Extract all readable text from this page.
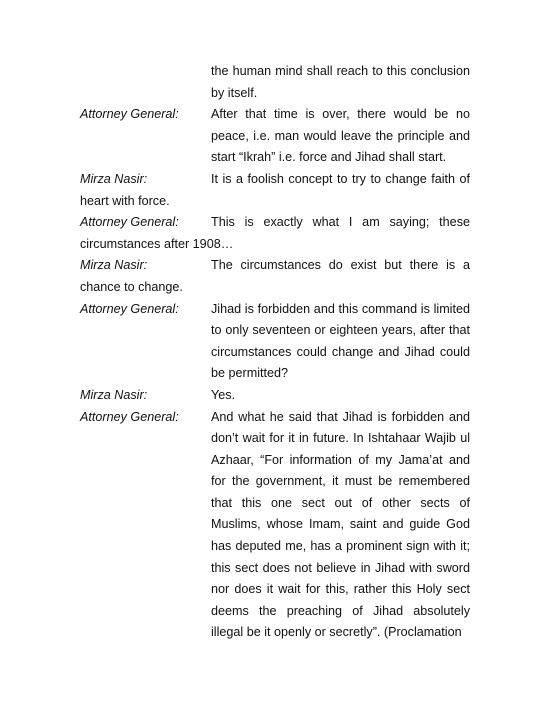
the human mind shall reach to this conclusion by itself.

Attorney General:	After that time is over, there would be no peace, i.e. man would leave the principle and start “Ikrah” i.e. force and Jihad shall start.

Mirza Nasir:	It is a foolish concept to try to change faith of heart with force.

Attorney General:	This is exactly what I am saying; these circumstances after 1908…

Mirza Nasir:	The circumstances do exist but there is a chance to change.

Attorney General:	Jihad is forbidden and this command is limited to only seventeen or eighteen years, after that circumstances could change and Jihad could be permitted?

Mirza Nasir:	Yes.

Attorney General:	And what he said that Jihad is forbidden and don’t wait for it in future. In Ishtahaar Wajib ul Azhaar, “For information of my Jama’at and for the government, it must be remembered that this one sect out of other sects of Muslims, whose Imam, saint and guide God has deputed me, has a prominent sign with it; this sect does not believe in Jihad with sword nor does it wait for this, rather this Holy sect deems the preaching of Jihad absolutely illegal be it openly or secretly”. (Proclamation
